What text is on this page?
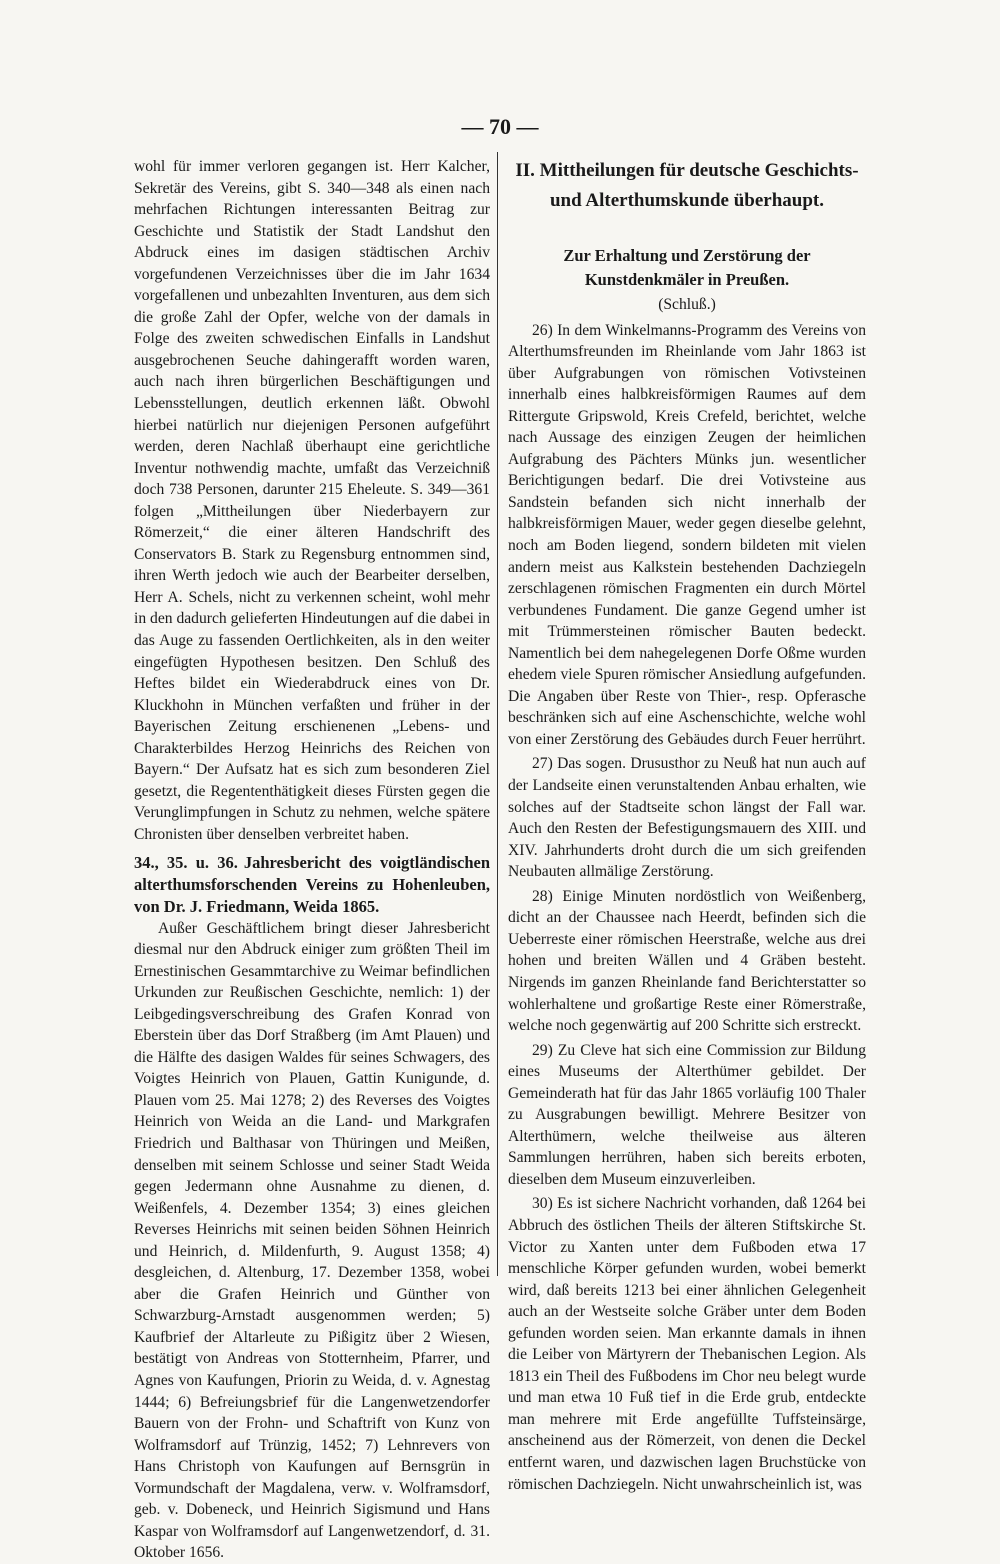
— 70 —

wohl für immer verloren gegangen ist. Herr Kalcher, Sekretär des Vereins, gibt S. 340—348 als einen nach mehrfachen Richtungen interessanten Beitrag zur Geschichte und Statistik der Stadt Landshut den Abdruck eines im dasigen städtischen Archiv vorgefundenen Verzeichnisses über die im Jahr 1634 vorgefallenen und unbezahlten Inventuren, aus dem sich die große Zahl der Opfer, welche von der damals in Folge des zweiten schwedischen Einfalls in Landshut ausgebrochenen Seuche dahingerafft worden waren, auch nach ihren bürgerlichen Beschäftigungen und Lebensstellungen, deutlich erkennen läßt. Obwohl hierbei natürlich nur diejenigen Personen aufgeführt werden, deren Nachlaß überhaupt eine gerichtliche Inventur nothwendig machte, umfaßt das Verzeichniß doch 738 Personen, darunter 215 Eheleute. S. 349—361 folgen „Mittheilungen über Niederbayern zur Römerzeit,“ die einer älteren Handschrift des Conservators B. Stark zu Regensburg entnommen sind, ihren Werth jedoch wie auch der Bearbeiter derselben, Herr A. Schels, nicht zu verkennen scheint, wohl mehr in den dadurch gelieferten Hindeutungen auf die dabei in das Auge zu fassenden Oertlichkeiten, als in den weiter eingefügten Hypothesen besitzen. Den Schluß des Heftes bildet ein Wiederabdruck eines von Dr. Kluckhohn in München verfaßten und früher in der Bayerischen Zeitung erschienenen „Lebens- und Charakterbildes Herzog Heinrichs des Reichen von Bayern.“ Der Aufsatz hat es sich zum besonderen Ziel gesetzt, die Regententhätigkeit dieses Fürsten gegen die Verunglimpfungen in Schutz zu nehmen, welche spätere Chronisten über denselben verbreitet haben.

34., 35. u. 36. Jahresbericht des voigtländischen alterthumsforschenden Vereins zu Hohenleuben, von Dr. J. Friedmann, Weida 1865.

Außer Geschäftlichem bringt dieser Jahresbericht diesmal nur den Abdruck einiger zum größten Theil im Ernestinischen Gesammtarchive zu Weimar befindlichen Urkunden zur Reußischen Geschichte, nemlich: 1) der Leibgedingsverschreibung des Grafen Konrad von Eberstein über das Dorf Straßberg (im Amt Plauen) und die Hälfte des dasigen Waldes für seines Schwagers, des Voigtes Heinrich von Plauen, Gattin Kunigunde, d. Plauen vom 25. Mai 1278; 2) des Reverses des Voigtes Heinrich von Weida an die Land- und Markgrafen Friedrich und Balthasar von Thüringen und Meißen, denselben mit seinem Schlosse und seiner Stadt Weida gegen Jedermann ohne Ausnahme zu dienen, d. Weißenfels, 4. Dezember 1354; 3) eines gleichen Reverses Heinrichs mit seinen beiden Söhnen Heinrich und Heinrich, d. Mildenfurth, 9. August 1358; 4) desgleichen, d. Altenburg, 17. Dezember 1358, wobei aber die Grafen Heinrich und Günther von Schwarzburg-Arnstadt ausgenommen werden; 5) Kaufbrief der Altarleute zu Pißigitz über 2 Wiesen, bestätigt von Andreas von Stotternheim, Pfarrer, und Agnes von Kaufungen, Priorin zu Weida, d. v. Agnestag 1444; 6) Befreiungsbrief für die Langenwetzendorfer Bauern von der Frohn- und Schaftrift von Kunz von Wolframsdorf auf Trünzig, 1452; 7) Lehnrevers von Hans Christoph von Kaufungen auf Bernsgrün in Vormundschaft der Magdalena, verw. v. Wolframsdorf, geb. v. Dobeneck, und Heinrich Sigismund und Hans Kaspar von Wolframsdorf auf Langenwetzendorf, d. 31. Oktober 1656.

II. Mittheilungen für deutsche Geschichts- und Alterthumskunde überhaupt.
Zur Erhaltung und Zerstörung der Kunstdenkmäler in Preußen.
(Schluß.)

26) In dem Winkelmanns-Programm des Vereins von Alterthumsfreunden im Rheinlande vom Jahr 1863 ist über Aufgrabungen von römischen Votivsteinen innerhalb eines halbkreisförmigen Raumes auf dem Rittergute Gripswold, Kreis Crefeld, berichtet, welche nach Aussage des einzigen Zeugen der heimlichen Aufgrabung des Pächters Münks jun. wesentlicher Berichtigungen bedarf. Die drei Votivsteine aus Sandstein befanden sich nicht innerhalb der halbkreisförmigen Mauer, weder gegen dieselbe gelehnt, noch am Boden liegend, sondern bildeten mit vielen andern meist aus Kalkstein bestehenden Dachziegeln zerschlagenen römischen Fragmenten ein durch Mörtel verbundenes Fundament. Die ganze Gegend umher ist mit Trümmersteinen römischer Bauten bedeckt. Namentlich bei dem nahegelegenen Dorfe Oßme wurden ehedem viele Spuren römischer Ansiedlung aufgefunden. Die Angaben über Reste von Thier-, resp. Opferasche beschränken sich auf eine Aschenschichte, welche wohl von einer Zerstörung des Gebäudes durch Feuer herrührt.

27) Das sogen. Drususthor zu Neuß hat nun auch auf der Landseite einen verunstaltenden Anbau erhalten, wie solches auf der Stadtseite schon längst der Fall war. Auch den Resten der Befestigungsmauern des XIII. und XIV. Jahrhunderts droht durch die um sich greifenden Neubauten allmälige Zerstörung.

28) Einige Minuten nordöstlich von Weißenberg, dicht an der Chaussee nach Heerdt, befinden sich die Ueberreste einer römischen Heerstraße, welche aus drei hohen und breiten Wällen und 4 Gräben besteht. Nirgends im ganzen Rheinlande fand Berichterstatter so wohlerhaltene und großartige Reste einer Römerstraße, welche noch gegenwärtig auf 200 Schritte sich erstreckt.

29) Zu Cleve hat sich eine Commission zur Bildung eines Museums der Alterthümer gebildet. Der Gemeinderath hat für das Jahr 1865 vorläufig 100 Thaler zu Ausgrabungen bewilligt. Mehrere Besitzer von Alterthümern, welche theilweise aus älteren Sammlungen herrühren, haben sich bereits erboten, dieselben dem Museum einzuverleiben.

30) Es ist sichere Nachricht vorhanden, daß 1264 bei Abbruch des östlichen Theils der älteren Stiftskirche St. Victor zu Xanten unter dem Fußboden etwa 17 menschliche Körper gefunden wurden, wobei bemerkt wird, daß bereits 1213 bei einer ähnlichen Gelegenheit auch an der Westseite solche Gräber unter dem Boden gefunden worden seien. Man erkannte damals in ihnen die Leiber von Märtyrern der Thebanischen Legion. Als 1813 ein Theil des Fußbodens im Chor neu belegt wurde und man etwa 10 Fuß tief in die Erde grub, entdeckte man mehrere mit Erde angefüllte Tuffsteinsärge, anscheinend aus der Römerzeit, von denen die Deckel entfernt waren, und dazwischen lagen Bruchstücke von römischen Dachziegeln. Nicht unwahrscheinlich ist, was
